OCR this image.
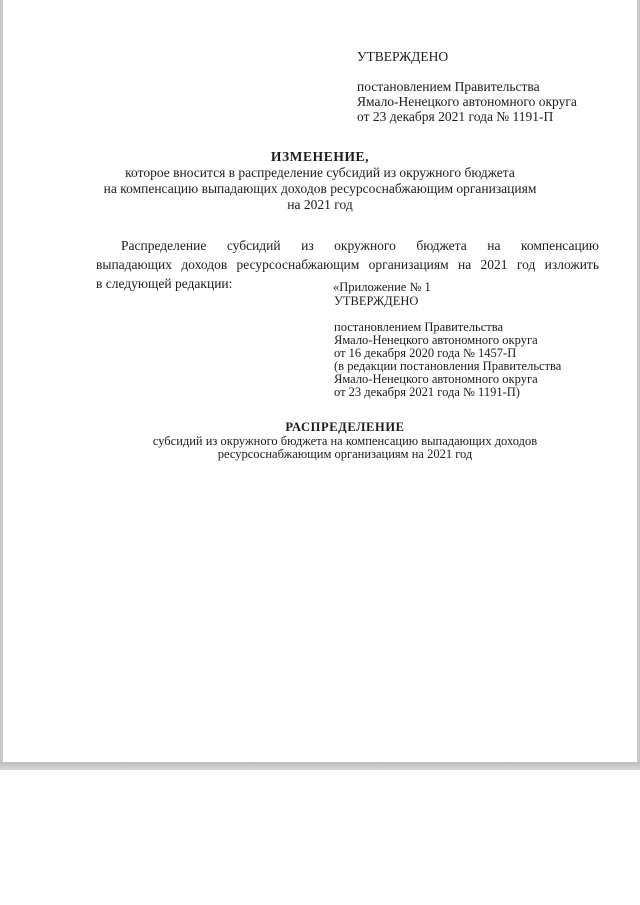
УТВЕРЖДЕНО
постановлением Правительства
Ямало-Ненецкого автономного округа
от 23 декабря 2021 года № 1191-П
ИЗМЕНЕНИЕ,
которое вносится в распределение субсидий из окружного бюджета
на компенсацию выпадающих доходов ресурсоснабжающим организациям
на 2021 год
Распределение субсидий из окружного бюджета на компенсацию
выпадающих доходов ресурсоснабжающим организациям на 2021 год изложить
в следующей редакции:	«Приложение № 1
УТВЕРЖДЕНО
постановлением Правительства
Ямало-Ненецкого автономного округа
от 16 декабря 2020 года № 1457-П
(в редакции постановления Правительства
Ямало-Ненецкого автономного округа
от 23 декабря 2021 года № 1191-П)
РАСПРЕДЕЛЕНИЕ
субсидий из окружного бюджета на компенсацию выпадающих доходов
ресурсоснабжающим организациям на 2021 год
